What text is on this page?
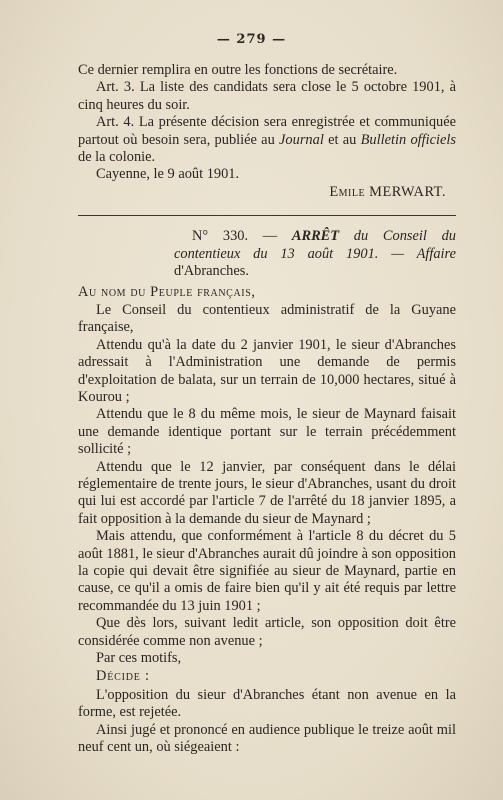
— 279 —

Ce dernier remplira en outre les fonctions de secrétaire.

Art. 3. La liste des candidats sera close le 5 octobre 1901, à cinq heures du soir.

Art. 4. La présente décision sera enregistrée et communiquée partout où besoin sera, publiée au Journal et au Bulletin officiels de la colonie.

Cayenne, le 9 août 1901.

Emile MERWART.

N° 330. — ARRÊT du Conseil du contentieux du 13 août 1901. — Affaire d'Abranches.

Au nom du Peuple français,

Le Conseil du contentieux administratif de la Guyane française,

Attendu qu'à la date du 2 janvier 1901, le sieur d'Abranches adressait à l'Administration une demande de permis d'exploitation de balata, sur un terrain de 10,000 hectares, situé à Kourou ;

Attendu que le 8 du même mois, le sieur de Maynard faisait une demande identique portant sur le terrain précédemment sollicité ;

Attendu que le 12 janvier, par conséquent dans le délai réglementaire de trente jours, le sieur d'Abranches, usant du droit qui lui est accordé par l'article 7 de l'arrêté du 18 janvier 1895, a fait opposition à la demande du sieur de Maynard ;

Mais attendu, que conformément à l'article 8 du décret du 5 août 1881, le sieur d'Abranches aurait dû joindre à son opposition la copie qui devait être signifiée au sieur de Maynard, partie en cause, ce qu'il a omis de faire bien qu'il y ait été requis par lettre recommandée du 13 juin 1901 ;

Que dès lors, suivant ledit article, son opposition doit être considérée comme non avenue ;

Par ces motifs,

Décide :

L'opposition du sieur d'Abranches étant non avenue en la forme, est rejetée.

Ainsi jugé et prononcé en audience publique le treize août mil neuf cent un, où siégeaient :
